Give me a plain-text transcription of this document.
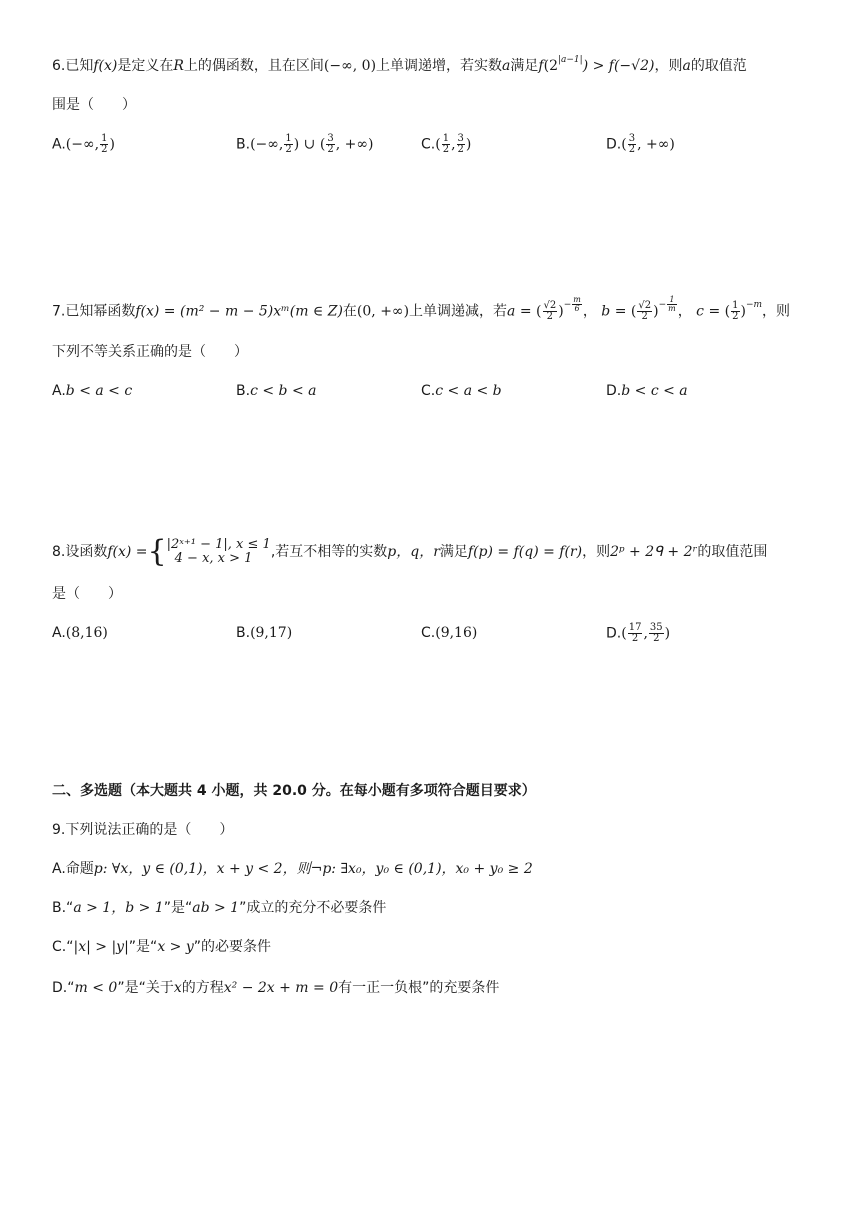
6.已知f(x)是定义在R上的偶函数，且在区间(−∞, 0)上单调递增，若实数a满足$f(2^{|a-1|}) > f(-√2)$，则a的取值范
围是（　　）
A.(−∞, $\frac{1}{2}$ )	B.(−∞, $\frac{1}{2}$ ) ∪ ( $\frac{3}{2}$ , +∞)	$C.( \frac{1}{2}$ , $\frac{3}{2}$ )	$D.( \frac{3}{2}$ , +∞)
7.已知幂函数f(x) = (m² − m − 5)xᵐ(m ∈ Z)在(0, +∞)上单调递减，若a = ( $\frac{√2}{2} )^{- \frac{m}{6}}$ ， b = ( $\frac{√2}{2} )^{- \frac{1}{m}}$ ， c = ( $\frac{1}{2} )^{-m}$，则
下列不等关系正确的是（　　）
A.b < a < c	B.c < b < a	C.c < a < b	D.b < c < a
8.设函数f(x) ={ |2ˣ⁺¹ − 1|, x ≤ 1
4 − x, x > 1	,若互不相等的实数p，q，r满足f(p) = f(q) = f(r)，则2ᵖ + 2ᑫ + 2ʳ的取值范围
是（　　）
A.(8,16)	B.(9,17)	C.(9,16)	$D.( \frac{17}{2}$ , $\frac{35}{2}$ )
二、多选题（本大题共 4 小题，共 20.0 分。在每小题有多项符合题目要求）
9.下列说法正确的是（　　）
A.命题p: ∀x，y ∈ (0,1)，x + y < 2，则¬p: ∃x₀，y₀ ∈ (0,1)，x₀ + y₀ ≥ 2
B.“a > 1，b > 1”是“ab > 1”成立的充分不必要条件
C.“|x| > |y|”是“x > y”的必要条件
D.“m < 0”是“关于x的方程x² − 2x + m = 0有一正一负根”的充要条件
